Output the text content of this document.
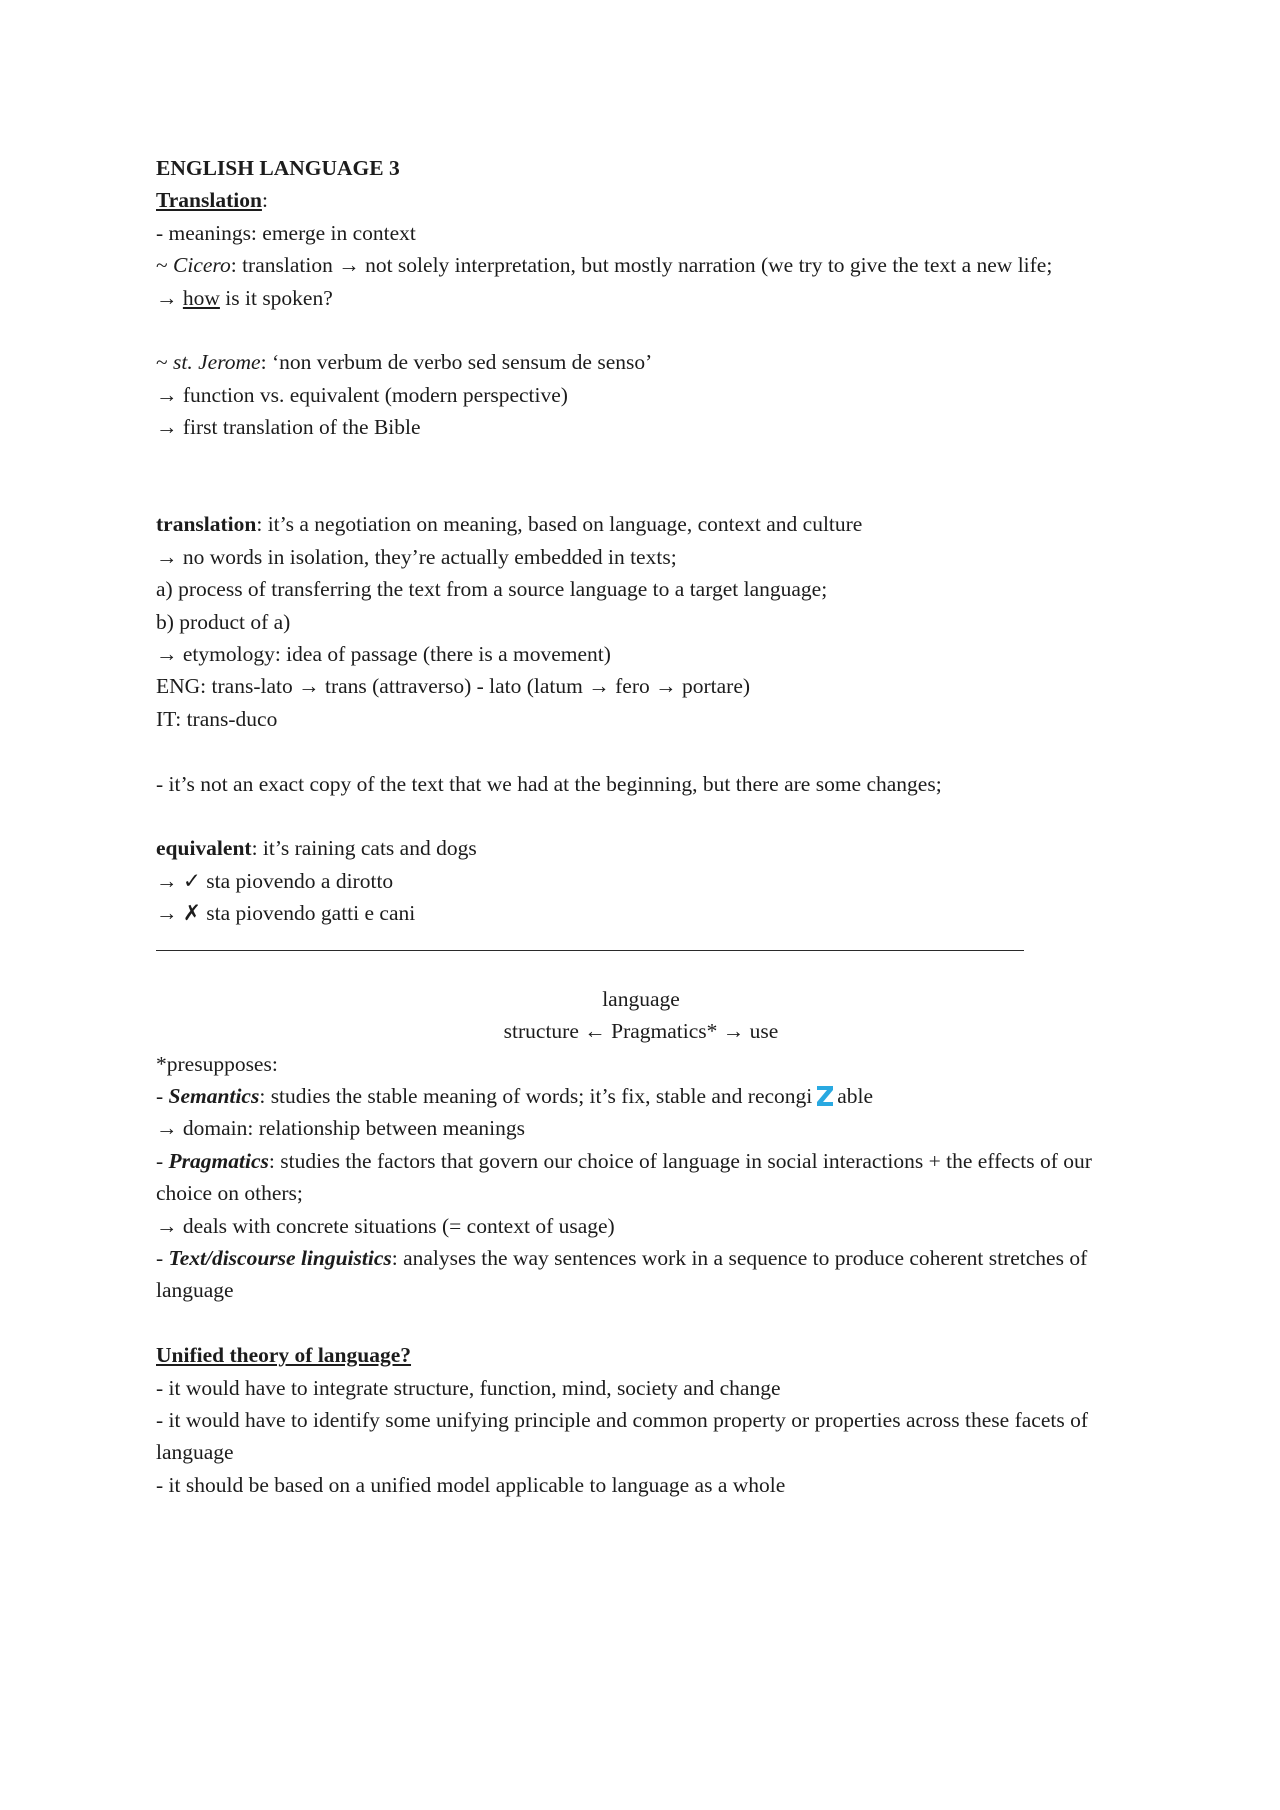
ENGLISH LANGUAGE 3
Translation:
- meanings: emerge in context
~ Cicero: translation → not solely interpretation, but mostly narration (we try to give the text a new life;
→ how is it spoken?
~ st. Jerome: ‘non verbum de verbo sed sensum de senso’
→ function vs. equivalent (modern perspective)
→ first translation of the Bible
translation: it’s a negotiation on meaning, based on language, context and culture
→ no words in isolation, they’re actually embedded in texts;
a) process of transferring the text from a source language to a target language;
b) product of a)
→ etymology: idea of passage (there is a movement)
ENG: trans-lato → trans (attraverso) - lato (latum → fero → portare)
IT: trans-duco
- it’s not an exact copy of the text that we had at the beginning, but there are some changes;
equivalent: it’s raining cats and dogs
→ ✓ sta piovendo a dirotto
→ ✗ sta piovendo gatti e cani
language
structure ← Pragmatics* → use
*presupposes:
- Semantics: studies the stable meaning of words; it’s fix, stable and recongi able
→ domain: relationship between meanings
- Pragmatics: studies the factors that govern our choice of language in social interactions + the effects of our choice on others;
→ deals with concrete situations (= context of usage)
- Text/discourse linguistics: analyses the way sentences work in a sequence to produce coherent stretches of language
Unified theory of language?
- it would have to integrate structure, function, mind, society and change
- it would have to identify some unifying principle and common property or properties across these facets of language
- it should be based on a unified model applicable to language as a whole
